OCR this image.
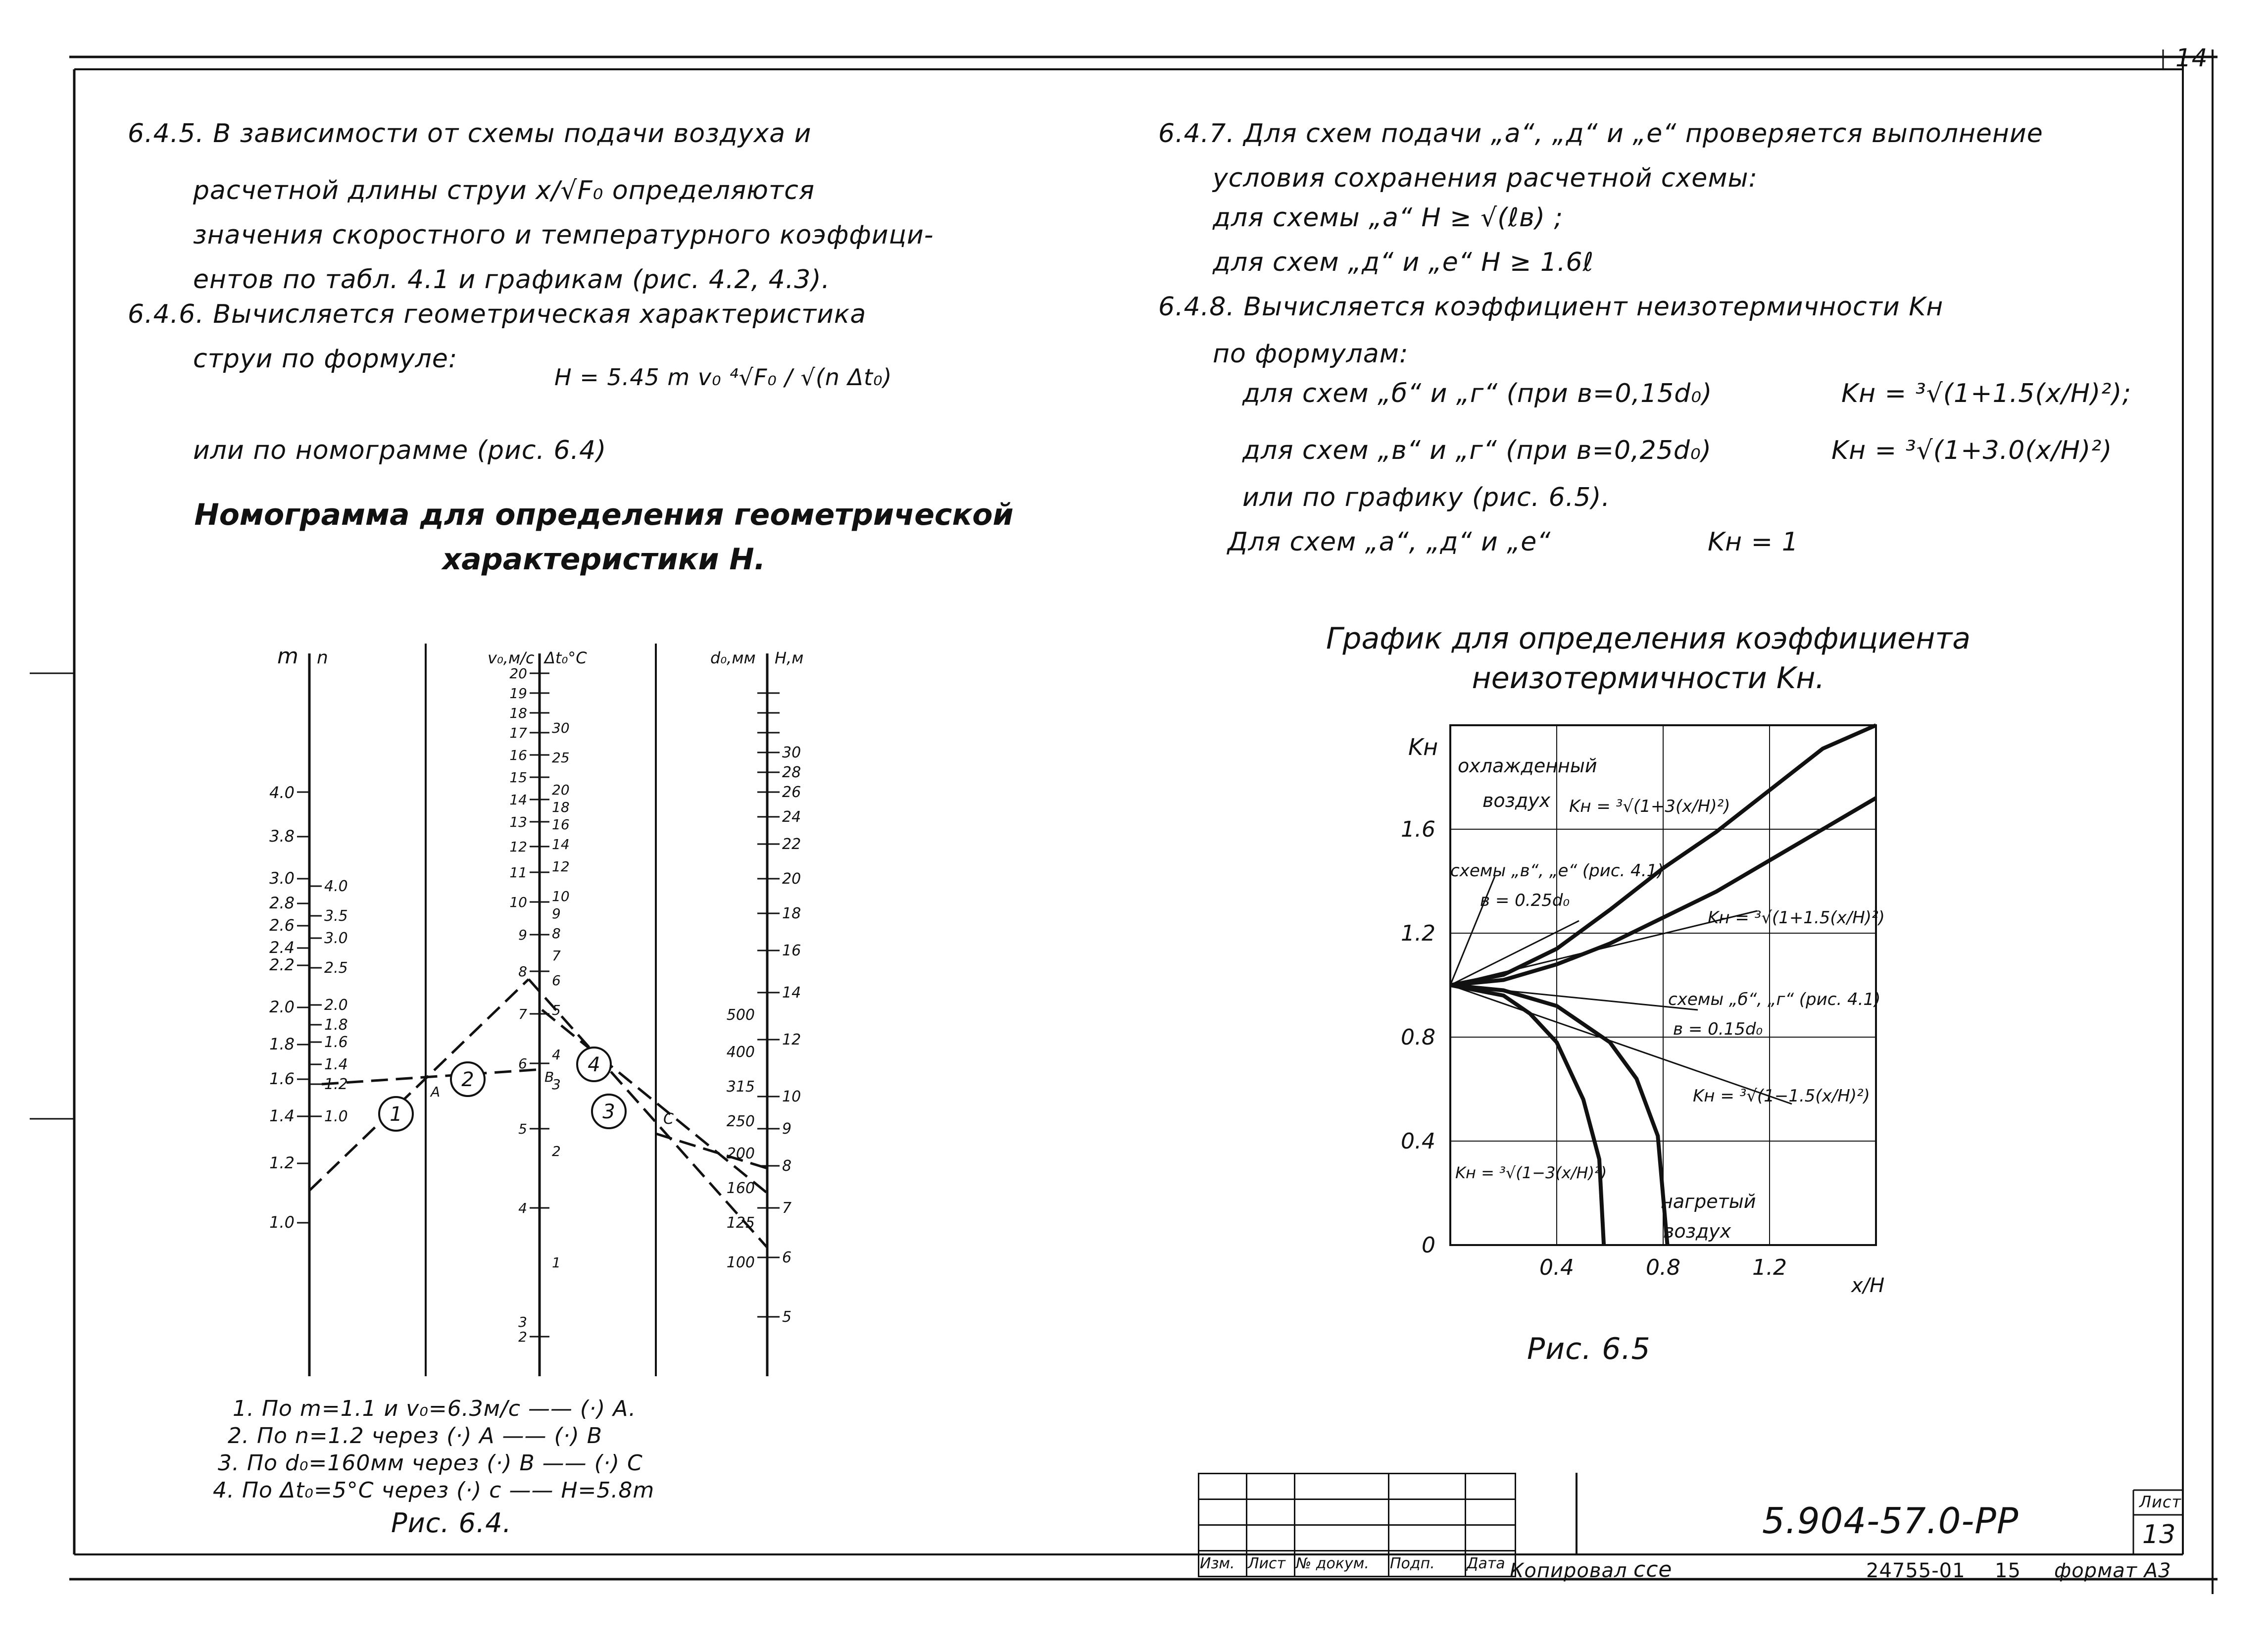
14
6.4.5. В зависимости от схемы подачи воздуха и
расчетной длины струи x/√F₀ определяются
значения скоростного и температурного коэффици-
ентов по табл. 4.1 и графикам (рис. 4.2, 4.3).
6.4.6. Вычисляется геометрическая характеристика
струи по формуле:
H = 5.45 m v₀ ⁴√F₀ / √(n Δt₀)
или по номограмме (рис. 6.4)
Номограмма для определения геометрической
характеристики H.
m n	v₀,м/с Δt₀°C	d₀,мм H,м
4.0
3.8
3.0
2.8
2.6
2.4
2.2
2.0
1.8
1.6
1.4
1.2
1.0
4.0
3.5
3.0
2.5
2.0
1.8
1.6
1.4
1.2
1.0
20
19
18
17
16
15
14
13
12
11
10
9
8
7
6
5
4
3
2
30
25
20
18
16
14
12
10
9
8
7
6
5
4
3
2
1
500
400
315
250
200
160
125
100
30
28
26
24
22
20
18
16
14
12
10
9
8
7
6
5
1
2
3
4
A
B
C
1. По m=1.1 и v₀=6.3м/с —— (·) A.
2. По n=1.2 через (·) A —— (·) B
3. По d₀=160мм через (·) B —— (·) C
4. По Δt₀=5°C через (·) c —— H=5.8m
Рис. 6.4.
6.4.7. Для схем подачи „а“, „д“ и „е“ проверяется выполнение
условия сохранения расчетной схемы:
для схемы „а“ H ≥ √(ℓв) ;
для схем „д“ и „е“ H ≥ 1.6ℓ
6.4.8. Вычисляется коэффициент неизотермичности Kн
по формулам:
для схем „б“ и „г“ (при в=0,15d₀)	Kн = ³√(1+1.5(x/H)²);
для схем „в“ и „г“ (при в=0,25d₀)	Kн = ³√(1+3.0(x/H)²)
или по графику (рис. 6.5).
Для схем „а“, „д“ и „е“	Kн = 1
График для определения коэффициента
неизотермичности Kн.
0.4	0.8	1.2
0
0.4
0.8
1.2
1.6
Kн
x/H
охлажденный
воздух Kн = ³√(1+3(x/H)²)
схемы „в“, „е“ (рис. 4.1)
в = 0.25d₀
Kн = ³√(1+1.5(x/H)²)
схемы „б“, „г“ (рис. 4.1)
в = 0.15d₀
Kн = ³√(1−1.5(x/H)²)
Kн = ³√(1−3(x/H)²)
нагретый
воздух
Рис. 6.5

Изм.	Лист	№ докум.	Подп.	Дата
5.904-57.0-PP	Лист
13
Копировал ccе	24755-01 15 формат А3
